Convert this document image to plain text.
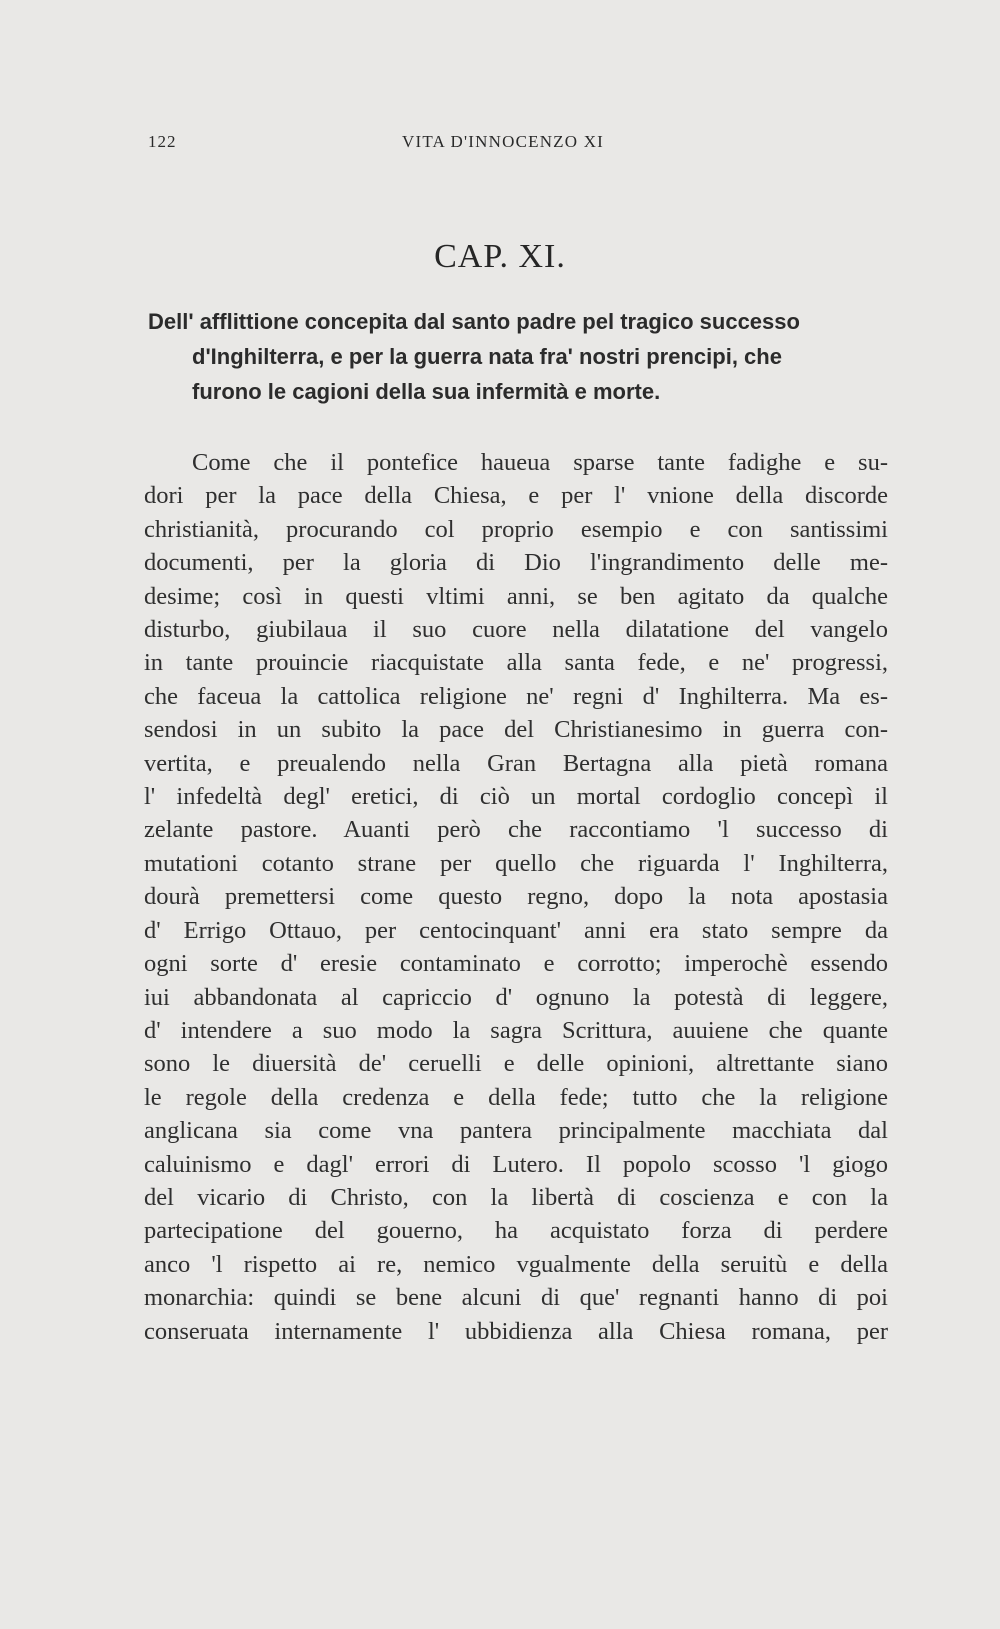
122	VITA D'INNOCENZO XI
CAP. XI.
Dell' afflittione concepita dal santo padre pel tragico successo
d'Inghilterra, e per la guerra nata fra' nostri prencipi, che
furono le cagioni della sua infermità e morte.
Come che il pontefice haueua sparse tante fadighe e su-
dori per la pace della Chiesa, e per l' vnione della discorde
christianità, procurando col proprio esempio e con santissimi
documenti, per la gloria di Dio l'ingrandimento delle me-
desime; così in questi vltimi anni, se ben agitato da qualche
disturbo, giubilaua il suo cuore nella dilatatione del vangelo
in tante prouincie riacquistate alla santa fede, e ne' progressi,
che faceua la cattolica religione ne' regni d' Inghilterra. Ma es-
sendosi in un subito la pace del Christianesimo in guerra con-
vertita, e preualendo nella Gran Bertagna alla pietà romana
l' infedeltà degl' eretici, di ciò un mortal cordoglio concepì il
zelante pastore. Auanti però che raccontiamo 'l successo di
mutationi cotanto strane per quello che riguarda l' Inghilterra,
dourà premettersi come questo regno, dopo la nota apostasia
d' Errigo Ottauo, per centocinquant' anni era stato sempre da
ogni sorte d' eresie contaminato e corrotto; imperochè essendo
iui abbandonata al capriccio d' ognuno la potestà di leggere,
d' intendere a suo modo la sagra Scrittura, auuiene che quante
sono le diuersità de' ceruelli e delle opinioni, altrettante siano
le regole della credenza e della fede; tutto che la religione
anglicana sia come vna pantera principalmente macchiata dal
caluinismo e dagl' errori di Lutero. Il popolo scosso 'l giogo
del vicario di Christo, con la libertà di coscienza e con la
partecipatione del gouerno, ha acquistato forza di perdere
anco 'l rispetto ai re, nemico vgualmente della seruitù e della
monarchia: quindi se bene alcuni di que' regnanti hanno di poi
conseruata internamente l' ubbidienza alla Chiesa romana, per
